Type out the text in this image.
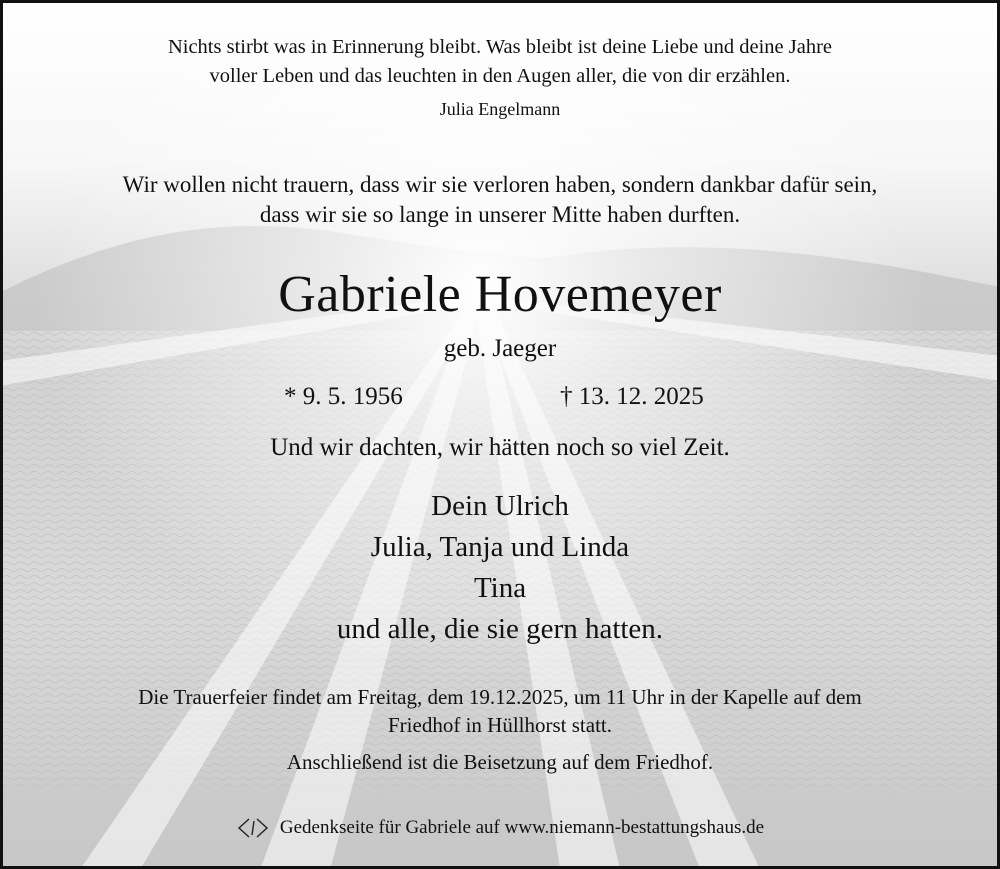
Nichts stirbt was in Erinnerung bleibt. Was bleibt ist deine Liebe und deine Jahre
voller Leben und das leuchten in den Augen aller, die von dir erzählen.

Julia Engelmann

Wir wollen nicht trauern, dass wir sie verloren haben, sondern dankbar dafür sein,
dass wir sie so lange in unserer Mitte haben durften.

Gabriele Hovemeyer

geb. Jaeger

* 9. 5. 1956	† 13. 12. 2025

Und wir dachten, wir hätten noch so viel Zeit.

Dein Ulrich
Julia, Tanja und Linda
Tina
und alle, die sie gern hatten.

Die Trauerfeier findet am Freitag, dem 19.12.2025, um 11 Uhr in der Kapelle auf dem
Friedhof in Hüllhorst statt.

Anschließend ist die Beisetzung auf dem Friedhof.

Gedenkseite für Gabriele auf www.niemann-bestattungshaus.de
